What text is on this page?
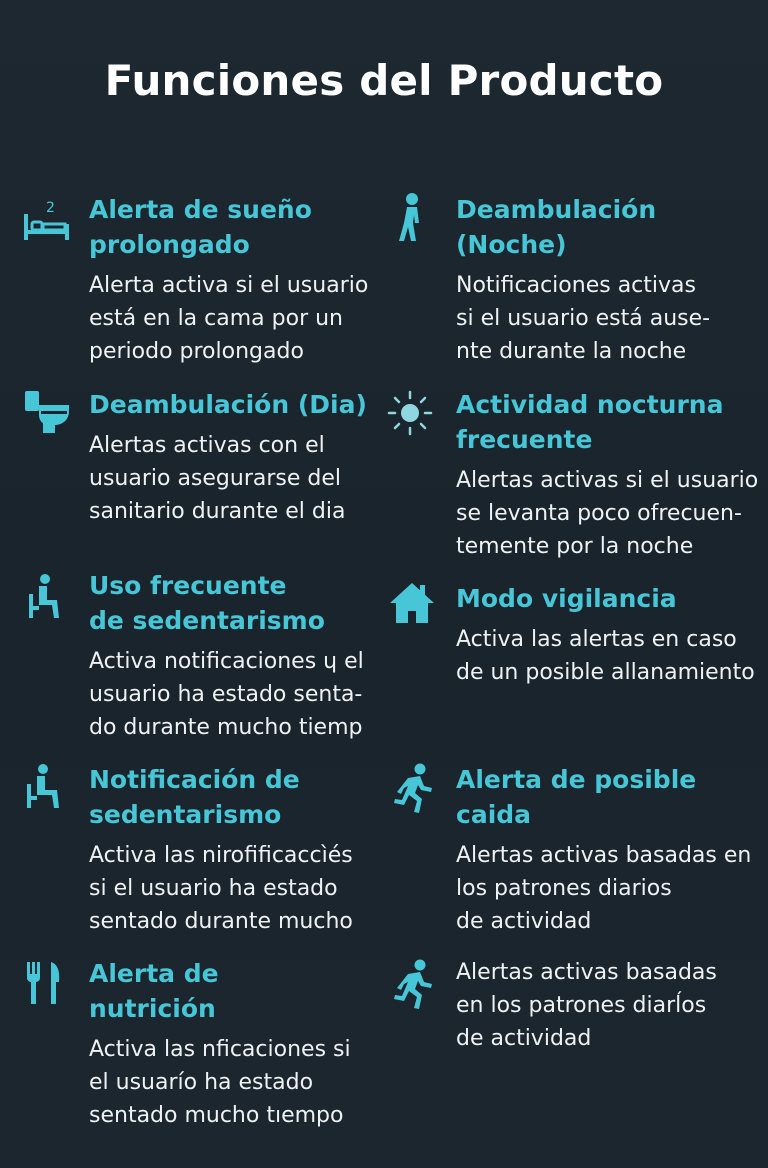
Funciones del Producto
2 Alerta de sueño
prolongado
Alerta activa si el usuario
está en la cama por un
periodo prolongado
Deambulación
(Noche)
Notificaciones activas
si el usuario está ause-
nte durante la noche
Deambulación (Dia)
Alertas activas con el
usuario asegurarse del
sanitario durante el dia
Actividad nocturna
frecuente
Alertas activas si el usuario
se levanta poco ofrecuen-
temente por la noche
Uso frecuente
de sedentarismo
Activa notificaciones ɥ el
usuario ha estado senta-
do durante mucho tiemp
Modo vigilancia
Activa las alertas en caso
de un posible allanamiento
Notificación de
sedentarismo
Activa las nirofificaccìés
si el usuario ha estado
sentado durante mucho
Alerta de posible
caida
Alertas activas basadas en
los patrones diarios
de actividad
Alerta de
nutrición
Activa las nficaciones si
el usuarío ha estado
sentado mucho tıempo
Alertas activas basadas
en los patrones diarĺos
de actividad
